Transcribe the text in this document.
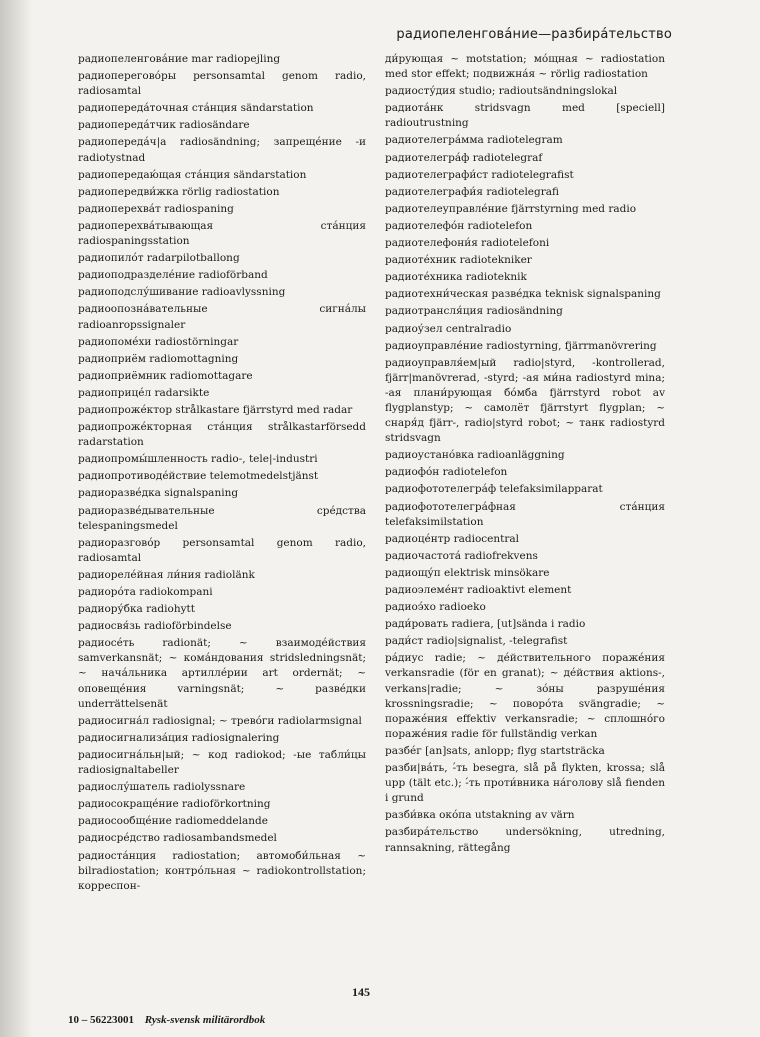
радиопеленгова́ние—разбира́тельство

радиопеленгова́ние mar radiopejling

радиоперегово́ры personsamtal genom radio, radiosamtal

радиопереда́точная ста́нция sändarstation

радиопереда́тчик radiosändare

радиопереда́ч|а radiosändning; запреще́ние -и radiotystnad

радиопередаю́щая ста́нция sändarstation

радиопередви́жка rörlig radiostation

радиоперехва́т radiospaning

радиоперехва́тывающая ста́нция radiospaningsstation

радиопило́т radarpilotballong

радиоподразделе́ние radioförband

радиоподслу́шивание radioavlyssning

радиоопозна́вательные сигна́лы radioanropssignaler

радиопоме́хи radiostörningar

радиоприём radiomottagning

радиоприёмник radiomottagare

радиоприце́л radarsikte

радиопроже́ктор strålkastare fjärrstyrd med radar

радиопроже́кторная ста́нция strålkastarförsedd radarstation

радиопромы́шленность radio-, tele|-industri

радиопротиводе́йствие telemotmedelstjänst

радиоразве́дка signalspaning

радиоразве́дывательные сре́дства telespaningsmedel

радиоразгово́р personsamtal genom radio, radiosamtal

радиореле́йная ли́ния radiolänk

радиоро́та radiokompani

радиору́бка radiohytt

радиосвя́зь radioförbindelse

радиосе́ть radionät; ~ взаимоде́йствия samverkansnät; ~ кома́ндования stridsledningsnät; ~ нача́льника артилле́рии art ordernät; ~ оповеще́ния varningsnät; ~ разве́дки underrättelsenät

радиосигна́л radiosignal; ~ трево́ги radiolarmsignal

радиосигнализа́ция radiosignalering

радиосигна́льн|ый; ~ код radiokod; -ые табли́цы radiosignaltabeller

радиослу́шатель radiolyssnare

радиосокраще́ние radioförkortning

радиосообще́ние radiomeddelande

радиосре́дство radiosambandsmedel

радиоста́нция radiostation; автомоби́льная ~ bilradiostation; контро́льная ~ radiokontrollstation; корреспон-

ди́рующая ~ motstation; мо́щная ~ radiostation med stor effekt; подвижна́я ~ rörlig radiostation

радиосту́дия studio; radioutsändningslokal

радиота́нк stridsvagn med [speciell] radioutrustning

радиотелегра́мма radiotelegram

радиотелегра́ф radiotelegraf

радиотелеграфи́ст radiotelegrafist

радиотелеграфи́я radiotelegrafi

радиотелеуправле́ние fjärrstyrning med radio

радиотелефо́н radiotelefon

радиотелефони́я radiotelefoni

радиоте́хник radiotekniker

радиоте́хника radioteknik

радиотехни́ческая разве́дка teknisk signalspaning

радиотрансля́ция radiosändning

радиоу́зел centralradio

радиоуправле́ние radiostyrning, fjärrmanövrering

радиоуправля́ем|ый radio|styrd, -kontrollerad, fjärr|manövrerad, -styrd; -ая ми́на radiostyrd mina; -ая плани́рующая бо́мба fjärrstyrd robot av flygplanstyp; ~ самолёт fjärrstyrt flygplan; ~ снаря́д fjärr-, radio|styrd robot; ~ танк radiostyrd stridsvagn

радиоустано́вка radioanläggning

радиофо́н radiotelefon

радиофототелегра́ф telefaksimilapparat

радиофототелегра́фная ста́нция telefaksimilstation

радиоце́нтр radiocentral

радиочастота́ radiofrekvens

радиощу́п elektrisk minsökare

радиоэлеме́нт radioaktivt element

радиоэ́хо radioeko

ради́ровать radiera, [ut]sända i radio

ради́ст radio|signalist, -telegrafist

ра́диус radie; ~ де́йствительного пораже́ния verkansradie (för en granat); ~ де́йствия aktions-, verkans|radie; ~ зо́ны разруше́ния krossningsradie; ~ поворо́та svängradie; ~ пораже́ния effektiv verkansradie; ~ сплошно́го пораже́ния radie för fullständig verkan

разбе́г [an]sats, anlopp; flyg startsträcka

разби|ва́ть, -́ть besegra, slå på flykten, krossa; slå upp (tält etc.); -́ть проти́вника на́голову slå fienden i grund

разби́вка око́па utstakning av värn

разбира́тельство undersökning, utredning, rannsakning, rättegång

145
10 – 56223001 Rysk-svensk militärordbok
